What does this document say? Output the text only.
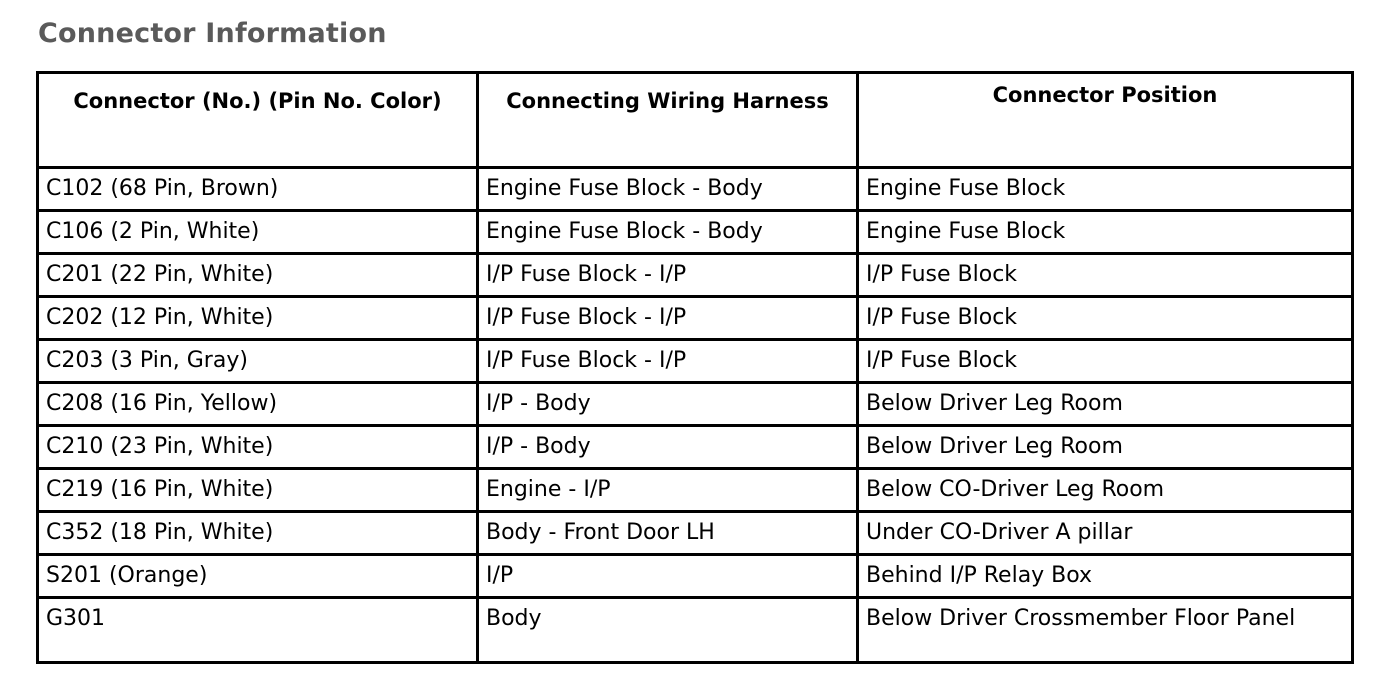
Connector Information
Connector (No.) (Pin No. Color)	Connecting Wiring Harness	Connector Position
C102 (68 Pin, Brown)	Engine Fuse Block - Body	Engine Fuse Block
C106 (2 Pin, White)	Engine Fuse Block - Body	Engine Fuse Block
C201 (22 Pin, White)	I/P Fuse Block - I/P	I/P Fuse Block
C202 (12 Pin, White)	I/P Fuse Block - I/P	I/P Fuse Block
C203 (3 Pin, Gray)	I/P Fuse Block - I/P	I/P Fuse Block
C208 (16 Pin, Yellow)	I/P - Body	Below Driver Leg Room
C210 (23 Pin, White)	I/P - Body	Below Driver Leg Room
C219 (16 Pin, White)	Engine - I/P	Below CO-Driver Leg Room
C352 (18 Pin, White)	Body - Front Door LH	Under CO-Driver A pillar
S201 (Orange)	I/P	Behind I/P Relay Box
G301	Body	Below Driver Crossmember Floor Panel
